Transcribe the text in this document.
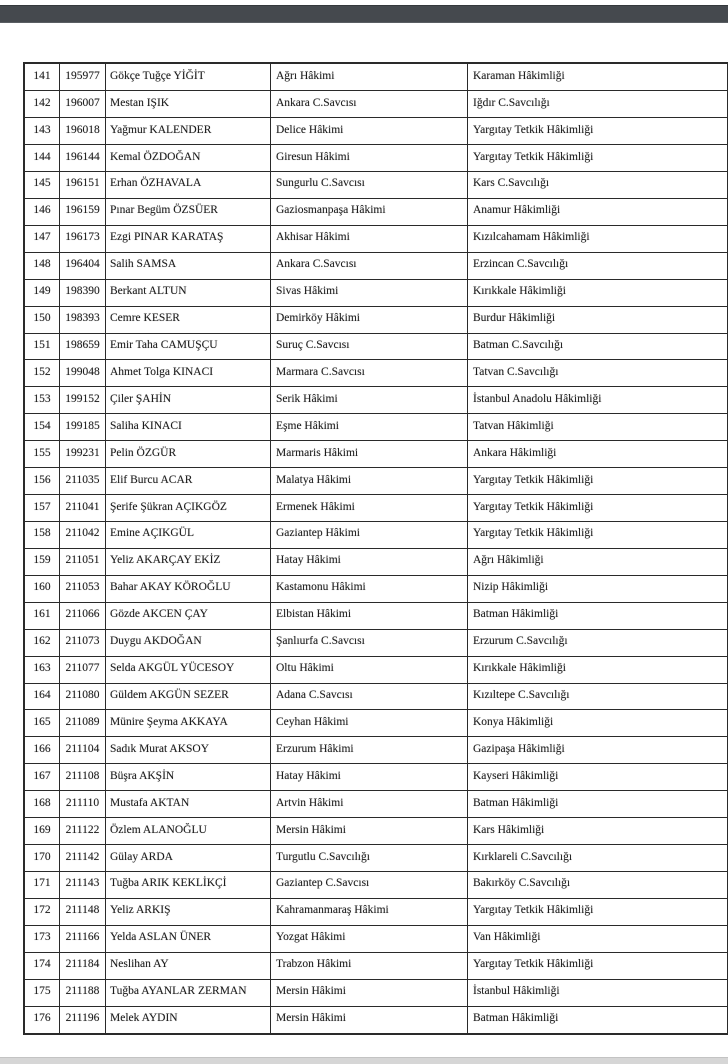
141	195977	Gökçe Tuğçe YİĞİT	Ağrı Hâkimi	Karaman Hâkimliği
142	196007	Mestan IŞIK	Ankara C.Savcısı	Iğdır C.Savcılığı
143	196018	Yağmur KALENDER	Delice Hâkimi	Yargıtay Tetkik Hâkimliği
144	196144	Kemal ÖZDOĞAN	Giresun Hâkimi	Yargıtay Tetkik Hâkimliği
145	196151	Erhan ÖZHAVALA	Sungurlu C.Savcısı	Kars C.Savcılığı
146	196159	Pınar Begüm ÖZSÜER	Gaziosmanpaşa Hâkimi	Anamur Hâkimliği
147	196173	Ezgi PINAR KARATAŞ	Akhisar Hâkimi	Kızılcahamam Hâkimliği
148	196404	Salih SAMSA	Ankara C.Savcısı	Erzincan C.Savcılığı
149	198390	Berkant ALTUN	Sivas Hâkimi	Kırıkkale Hâkimliği
150	198393	Cemre KESER	Demirköy Hâkimi	Burdur Hâkimliği
151	198659	Emir Taha CAMUŞÇU	Suruç C.Savcısı	Batman C.Savcılığı
152	199048	Ahmet Tolga KINACI	Marmara C.Savcısı	Tatvan C.Savcılığı
153	199152	Çiler ŞAHİN	Serik Hâkimi	İstanbul Anadolu Hâkimliği
154	199185	Saliha KINACI	Eşme Hâkimi	Tatvan Hâkimliği
155	199231	Pelin ÖZGÜR	Marmaris Hâkimi	Ankara Hâkimliği
156	211035	Elif Burcu ACAR	Malatya Hâkimi	Yargıtay Tetkik Hâkimliği
157	211041	Şerife Şükran AÇIKGÖZ	Ermenek Hâkimi	Yargıtay Tetkik Hâkimliği
158	211042	Emine AÇIKGÜL	Gaziantep Hâkimi	Yargıtay Tetkik Hâkimliği
159	211051	Yeliz AKARÇAY EKİZ	Hatay Hâkimi	Ağrı Hâkimliği
160	211053	Bahar AKAY KÖROĞLU	Kastamonu Hâkimi	Nizip Hâkimliği
161	211066	Gözde AKCEN ÇAY	Elbistan Hâkimi	Batman Hâkimliği
162	211073	Duygu AKDOĞAN	Şanlıurfa C.Savcısı	Erzurum C.Savcılığı
163	211077	Selda AKGÜL YÜCESOY	Oltu Hâkimi	Kırıkkale Hâkimliği
164	211080	Güldem AKGÜN SEZER	Adana C.Savcısı	Kızıltepe C.Savcılığı
165	211089	Münire Şeyma AKKAYA	Ceyhan Hâkimi	Konya Hâkimliği
166	211104	Sadık Murat AKSOY	Erzurum Hâkimi	Gazipaşa Hâkimliği
167	211108	Büşra AKŞİN	Hatay Hâkimi	Kayseri Hâkimliği
168	211110	Mustafa AKTAN	Artvin Hâkimi	Batman Hâkimliği
169	211122	Özlem ALANOĞLU	Mersin Hâkimi	Kars Hâkimliği
170	211142	Gülay ARDA	Turgutlu C.Savcılığı	Kırklareli C.Savcılığı
171	211143	Tuğba ARIK KEKLİKÇİ	Gaziantep C.Savcısı	Bakırköy C.Savcılığı
172	211148	Yeliz ARKIŞ	Kahramanmaraş Hâkimi	Yargıtay Tetkik Hâkimliği
173	211166	Yelda ASLAN ÜNER	Yozgat Hâkimi	Van Hâkimliği
174	211184	Neslihan AY	Trabzon Hâkimi	Yargıtay Tetkik Hâkimliği
175	211188	Tuğba AYANLAR ZERMAN	Mersin Hâkimi	İstanbul Hâkimliği
176	211196	Melek AYDIN	Mersin Hâkimi	Batman Hâkimliği
